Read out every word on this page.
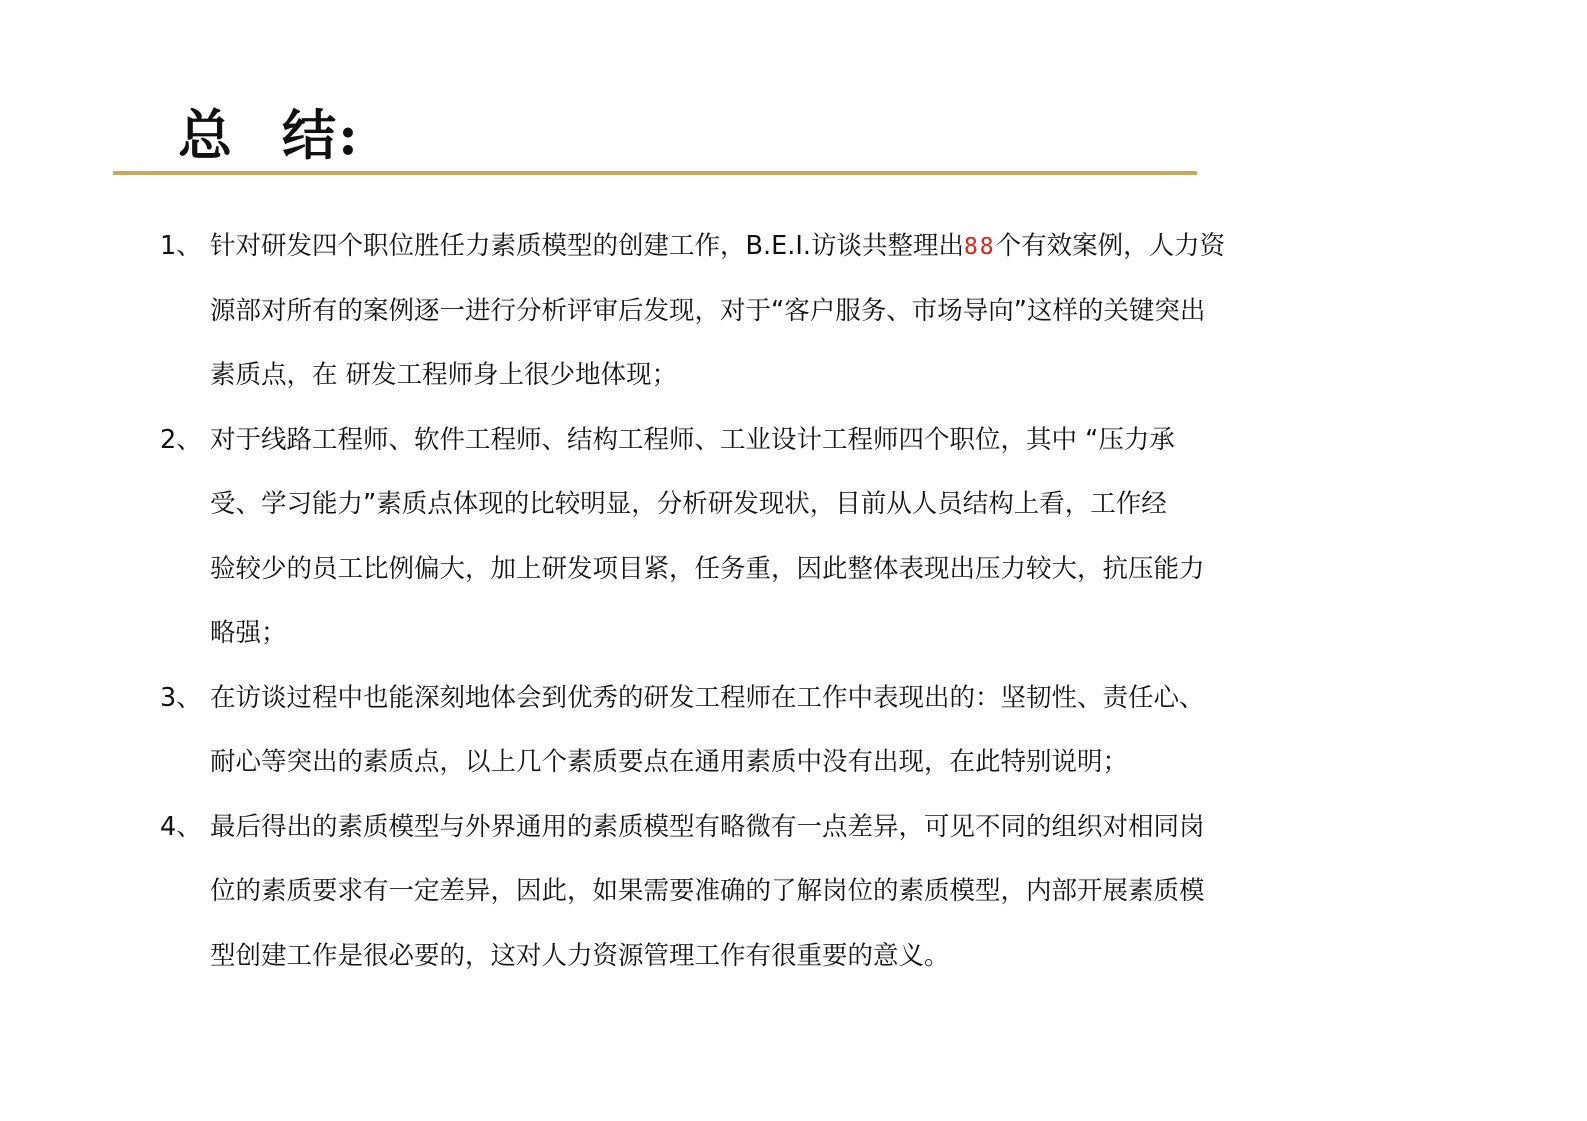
总 结:
1、 针对研发四个职位胜任力素质模型的创建工作，B.E.I.访谈共整理出88个有效案例，人力资
源部对所有的案例逐一进行分析评审后发现，对于“客户服务、市场导向”这样的关键突出
素质点，在 研发工程师身上很少地体现；
2、 对于线路工程师、软件工程师、结构工程师、工业设计工程师四个职位，其中 “压力承
受、学习能力”素质点体现的比较明显，分析研发现状，目前从人员结构上看，工作经
验较少的员工比例偏大，加上研发项目紧，任务重，因此整体表现出压力较大，抗压能力
略强；
3、 在访谈过程中也能深刻地体会到优秀的研发工程师在工作中表现出的：坚韧性、责任心、
耐心等突出的素质点，以上几个素质要点在通用素质中没有出现，在此特别说明；
4、 最后得出的素质模型与外界通用的素质模型有略微有一点差异，可见不同的组织对相同岗
位的素质要求有一定差异，因此，如果需要准确的了解岗位的素质模型，内部开展素质模
型创建工作是很必要的，这对人力资源管理工作有很重要的意义。
